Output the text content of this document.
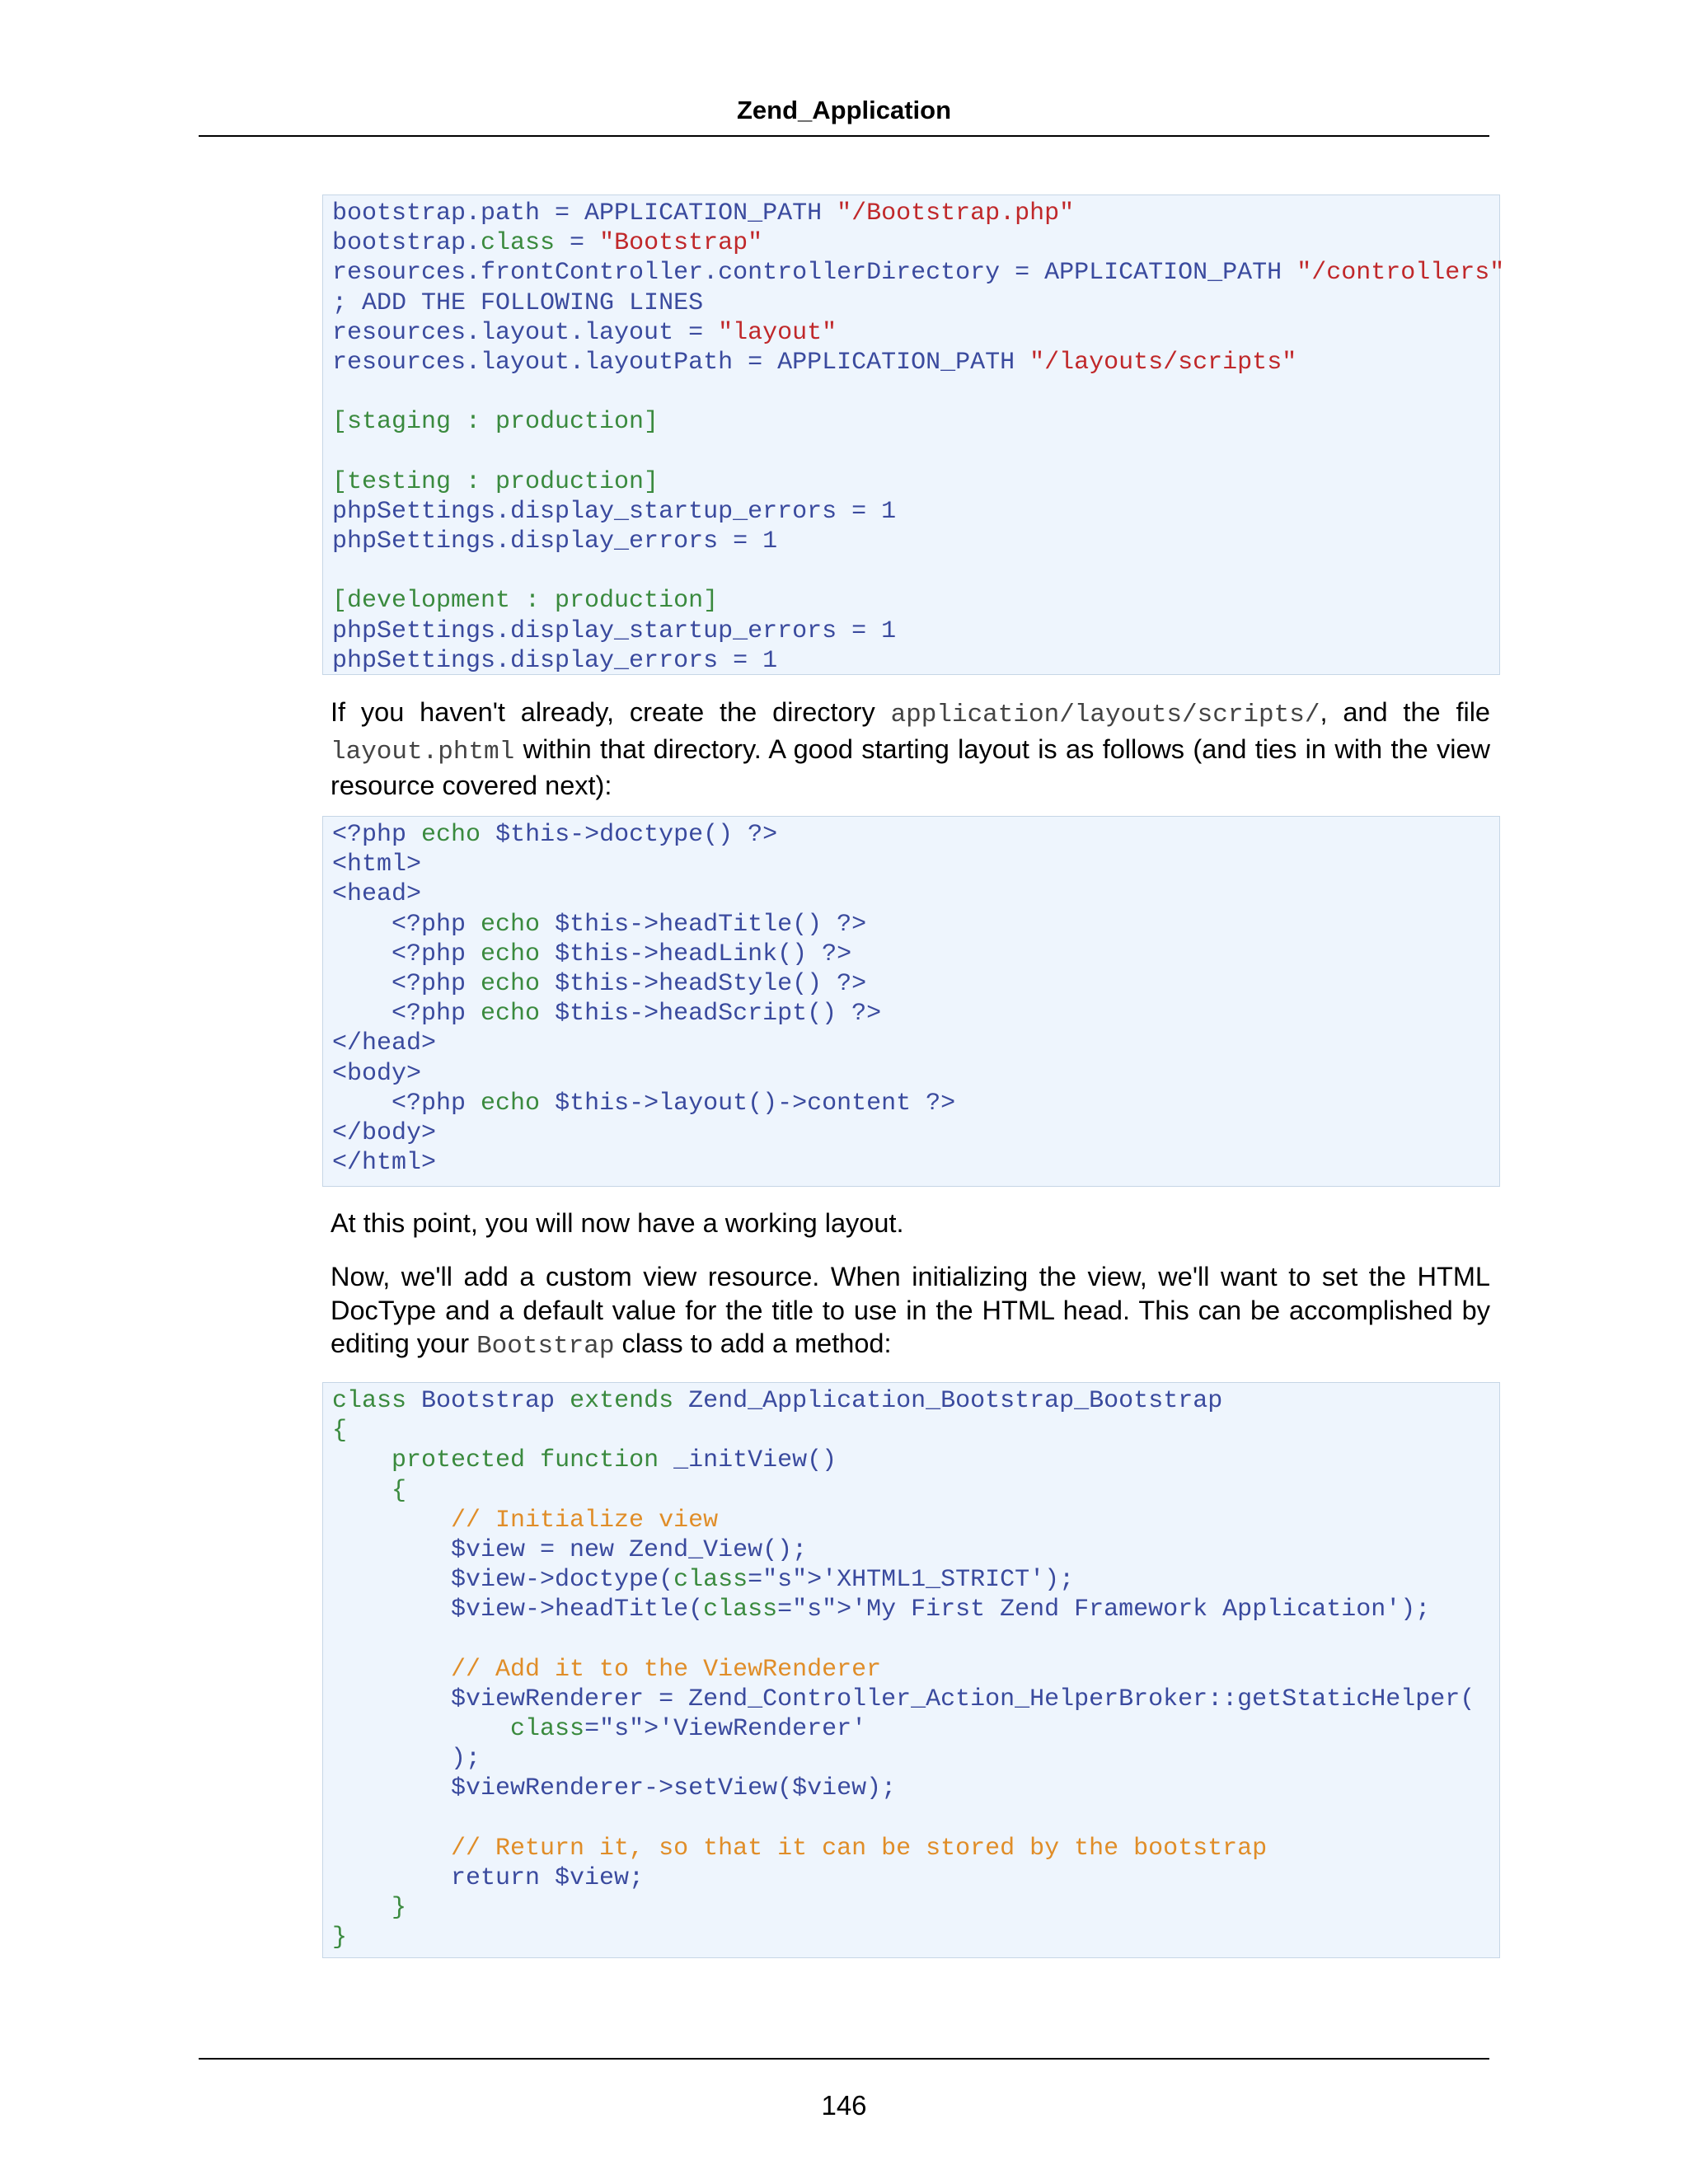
Zend_Application
bootstrap.path = APPLICATION_PATH "/Bootstrap.php"
bootstrap.class = "Bootstrap"
resources.frontController.controllerDirectory = APPLICATION_PATH "/controllers"
; ADD THE FOLLOWING LINES
resources.layout.layout = "layout"
resources.layout.layoutPath = APPLICATION_PATH "/layouts/scripts"

[staging : production]

[testing : production]
phpSettings.display_startup_errors = 1
phpSettings.display_errors = 1

[development : production]
phpSettings.display_startup_errors = 1
phpSettings.display_errors = 1
If you haven't already, create the directory application/layouts/scripts/, and the file layout.phtml within that directory. A good starting layout is as follows (and ties in with the view resource covered next):
<?php echo $this->doctype() ?>
<html>
<head>
<?php echo $this->headTitle() ?>
<?php echo $this->headLink() ?>
<?php echo $this->headStyle() ?>
<?php echo $this->headScript() ?>
</head>
<body>
<?php echo $this->layout()->content ?>
</body>
</html>
At this point, you will now have a working layout.
Now, we'll add a custom view resource. When initializing the view, we'll want to set the HTML DocType and a default value for the title to use in the HTML head. This can be accomplished by editing your Bootstrap class to add a method:
class Bootstrap extends Zend_Application_Bootstrap_Bootstrap
{
protected function _initView()
{
// Initialize view
$view = new Zend_View();
$view->doctype(class="s">'XHTML1_STRICT');
$view->headTitle(class="s">'My First Zend Framework Application');

// Add it to the ViewRenderer
$viewRenderer = Zend_Controller_Action_HelperBroker::getStaticHelper(
class="s">'ViewRenderer'
);
$viewRenderer->setView($view);

// Return it, so that it can be stored by the bootstrap
return $view;
}
}
146
